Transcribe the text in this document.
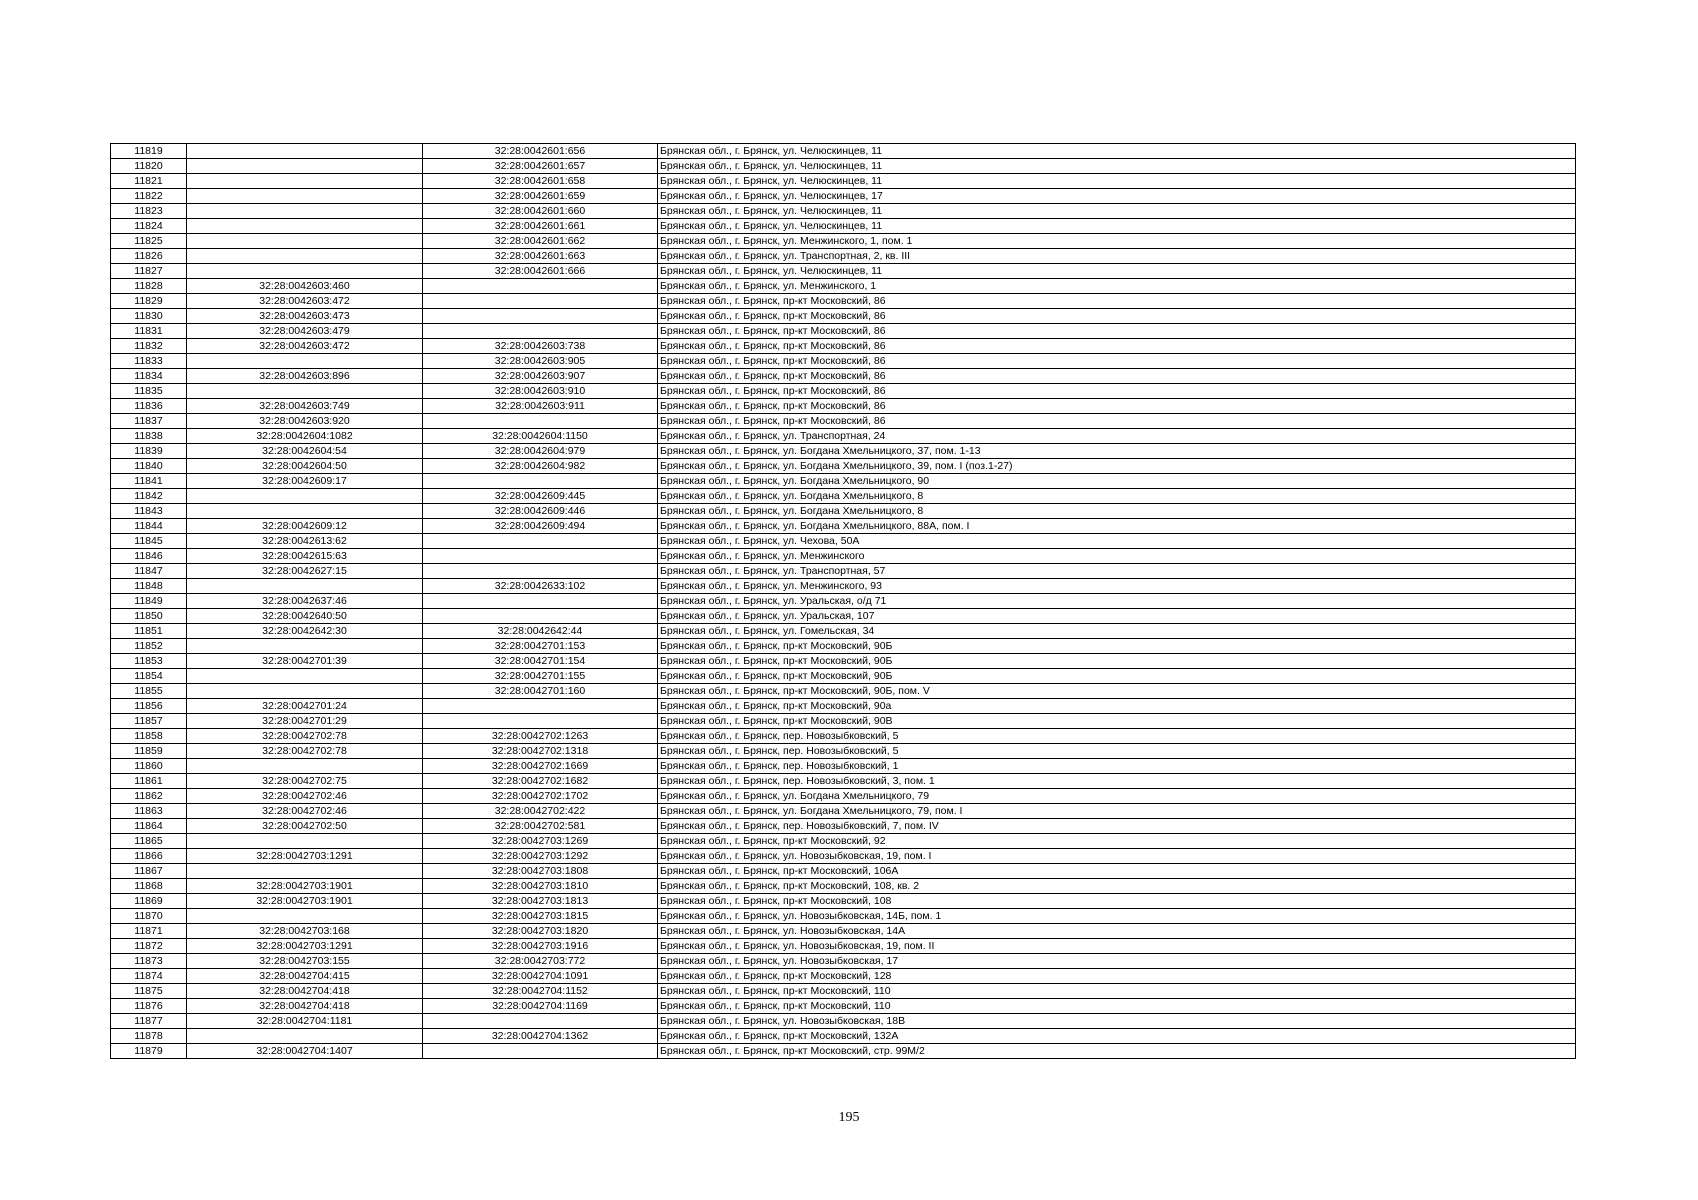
11819		32:28:0042601:656	Брянская обл., г. Брянск, ул. Челюскинцев, 11
11820		32:28:0042601:657	Брянская обл., г. Брянск, ул. Челюскинцев, 11
11821		32:28:0042601:658	Брянская обл., г. Брянск, ул. Челюскинцев, 11
11822		32:28:0042601:659	Брянская обл., г. Брянск, ул. Челюскинцев, 17
11823		32:28:0042601:660	Брянская обл., г. Брянск, ул. Челюскинцев, 11
11824		32:28:0042601:661	Брянская обл., г. Брянск, ул. Челюскинцев, 11
11825		32:28:0042601:662	Брянская обл., г. Брянск, ул. Менжинского, 1, пом. 1
11826		32:28:0042601:663	Брянская обл., г. Брянск, ул. Транспортная, 2, кв. III
11827		32:28:0042601:666	Брянская обл., г. Брянск, ул. Челюскинцев, 11
11828	32:28:0042603:460		Брянская обл., г. Брянск, ул. Менжинского, 1
11829	32:28:0042603:472		Брянская обл., г. Брянск, пр-кт Московский, 86
11830	32:28:0042603:473		Брянская обл., г. Брянск, пр-кт Московский, 86
11831	32:28:0042603:479		Брянская обл., г. Брянск, пр-кт Московский, 86
11832	32:28:0042603:472	32:28:0042603:738	Брянская обл., г. Брянск, пр-кт Московский, 86
11833		32:28:0042603:905	Брянская обл., г. Брянск, пр-кт Московский, 86
11834	32:28:0042603:896	32:28:0042603:907	Брянская обл., г. Брянск, пр-кт Московский, 86
11835		32:28:0042603:910	Брянская обл., г. Брянск, пр-кт Московский, 86
11836	32:28:0042603:749	32:28:0042603:911	Брянская обл., г. Брянск, пр-кт Московский, 86
11837	32:28:0042603:920		Брянская обл., г. Брянск, пр-кт Московский, 86
11838	32:28:0042604:1082	32:28:0042604:1150	Брянская обл., г. Брянск, ул. Транспортная, 24
11839	32:28:0042604:54	32:28:0042604:979	Брянская обл., г. Брянск, ул. Богдана Хмельницкого, 37, пом. 1-13
11840	32:28:0042604:50	32:28:0042604:982	Брянская обл., г. Брянск, ул. Богдана Хмельницкого, 39, пом. I (поз.1-27)
11841	32:28:0042609:17		Брянская обл., г. Брянск, ул. Богдана Хмельницкого, 90
11842		32:28:0042609:445	Брянская обл., г. Брянск, ул. Богдана Хмельницкого, 8
11843		32:28:0042609:446	Брянская обл., г. Брянск, ул. Богдана Хмельницкого, 8
11844	32:28:0042609:12	32:28:0042609:494	Брянская обл., г. Брянск, ул. Богдана Хмельницкого, 88А, пом. I
11845	32:28:0042613:62		Брянская обл., г. Брянск, ул. Чехова, 50А
11846	32:28:0042615:63		Брянская обл., г. Брянск, ул. Менжинского
11847	32:28:0042627:15		Брянская обл., г. Брянск, ул. Транспортная, 57
11848		32:28:0042633:102	Брянская обл., г. Брянск, ул. Менжинского, 93
11849	32:28:0042637:46		Брянская обл., г. Брянск, ул. Уральская, о/д 71
11850	32:28:0042640:50		Брянская обл., г. Брянск, ул. Уральская, 107
11851	32:28:0042642:30	32:28:0042642:44	Брянская обл., г. Брянск, ул. Гомельская, 34
11852		32:28:0042701:153	Брянская обл., г. Брянск, пр-кт Московский, 90Б
11853	32:28:0042701:39	32:28:0042701:154	Брянская обл., г. Брянск, пр-кт Московский, 90Б
11854		32:28:0042701:155	Брянская обл., г. Брянск, пр-кт Московский, 90Б
11855		32:28:0042701:160	Брянская обл., г. Брянск, пр-кт Московский, 90Б, пом. V
11856	32:28:0042701:24		Брянская обл., г. Брянск, пр-кт Московский, 90а
11857	32:28:0042701:29		Брянская обл., г. Брянск, пр-кт Московский, 90В
11858	32:28:0042702:78	32:28:0042702:1263	Брянская обл., г. Брянск, пер. Новозыбковский, 5
11859	32:28:0042702:78	32:28:0042702:1318	Брянская обл., г. Брянск, пер. Новозыбковский, 5
11860		32:28:0042702:1669	Брянская обл., г. Брянск, пер. Новозыбковский, 1
11861	32:28:0042702:75	32:28:0042702:1682	Брянская обл., г. Брянск, пер. Новозыбковский, 3, пом. 1
11862	32:28:0042702:46	32:28:0042702:1702	Брянская обл., г. Брянск, ул. Богдана Хмельницкого, 79
11863	32:28:0042702:46	32:28:0042702:422	Брянская обл., г. Брянск, ул. Богдана Хмельницкого, 79, пом. I
11864	32:28:0042702:50	32:28:0042702:581	Брянская обл., г. Брянск, пер. Новозыбковский, 7, пом. IV
11865		32:28:0042703:1269	Брянская обл., г. Брянск, пр-кт Московский, 92
11866	32:28:0042703:1291	32:28:0042703:1292	Брянская обл., г. Брянск, ул. Новозыбковская, 19, пом. I
11867		32:28:0042703:1808	Брянская обл., г. Брянск, пр-кт Московский, 106А
11868	32:28:0042703:1901	32:28:0042703:1810	Брянская обл., г. Брянск, пр-кт Московский, 108, кв. 2
11869	32:28:0042703:1901	32:28:0042703:1813	Брянская обл., г. Брянск, пр-кт Московский, 108
11870		32:28:0042703:1815	Брянская обл., г. Брянск, ул. Новозыбковская, 14Б, пом. 1
11871	32:28:0042703:168	32:28:0042703:1820	Брянская обл., г. Брянск, ул. Новозыбковская, 14А
11872	32:28:0042703:1291	32:28:0042703:1916	Брянская обл., г. Брянск, ул. Новозыбковская, 19, пом. II
11873	32:28:0042703:155	32:28:0042703:772	Брянская обл., г. Брянск, ул. Новозыбковская, 17
11874	32:28:0042704:415	32:28:0042704:1091	Брянская обл., г. Брянск, пр-кт Московский, 128
11875	32:28:0042704:418	32:28:0042704:1152	Брянская обл., г. Брянск, пр-кт Московский, 110
11876	32:28:0042704:418	32:28:0042704:1169	Брянская обл., г. Брянск, пр-кт Московский, 110
11877	32:28:0042704:1181		Брянская обл., г. Брянск, ул. Новозыбковская, 18В
11878		32:28:0042704:1362	Брянская обл., г. Брянск, пр-кт Московский, 132А
11879	32:28:0042704:1407		Брянская обл., г. Брянск, пр-кт Московский, стр. 99М/2
195
